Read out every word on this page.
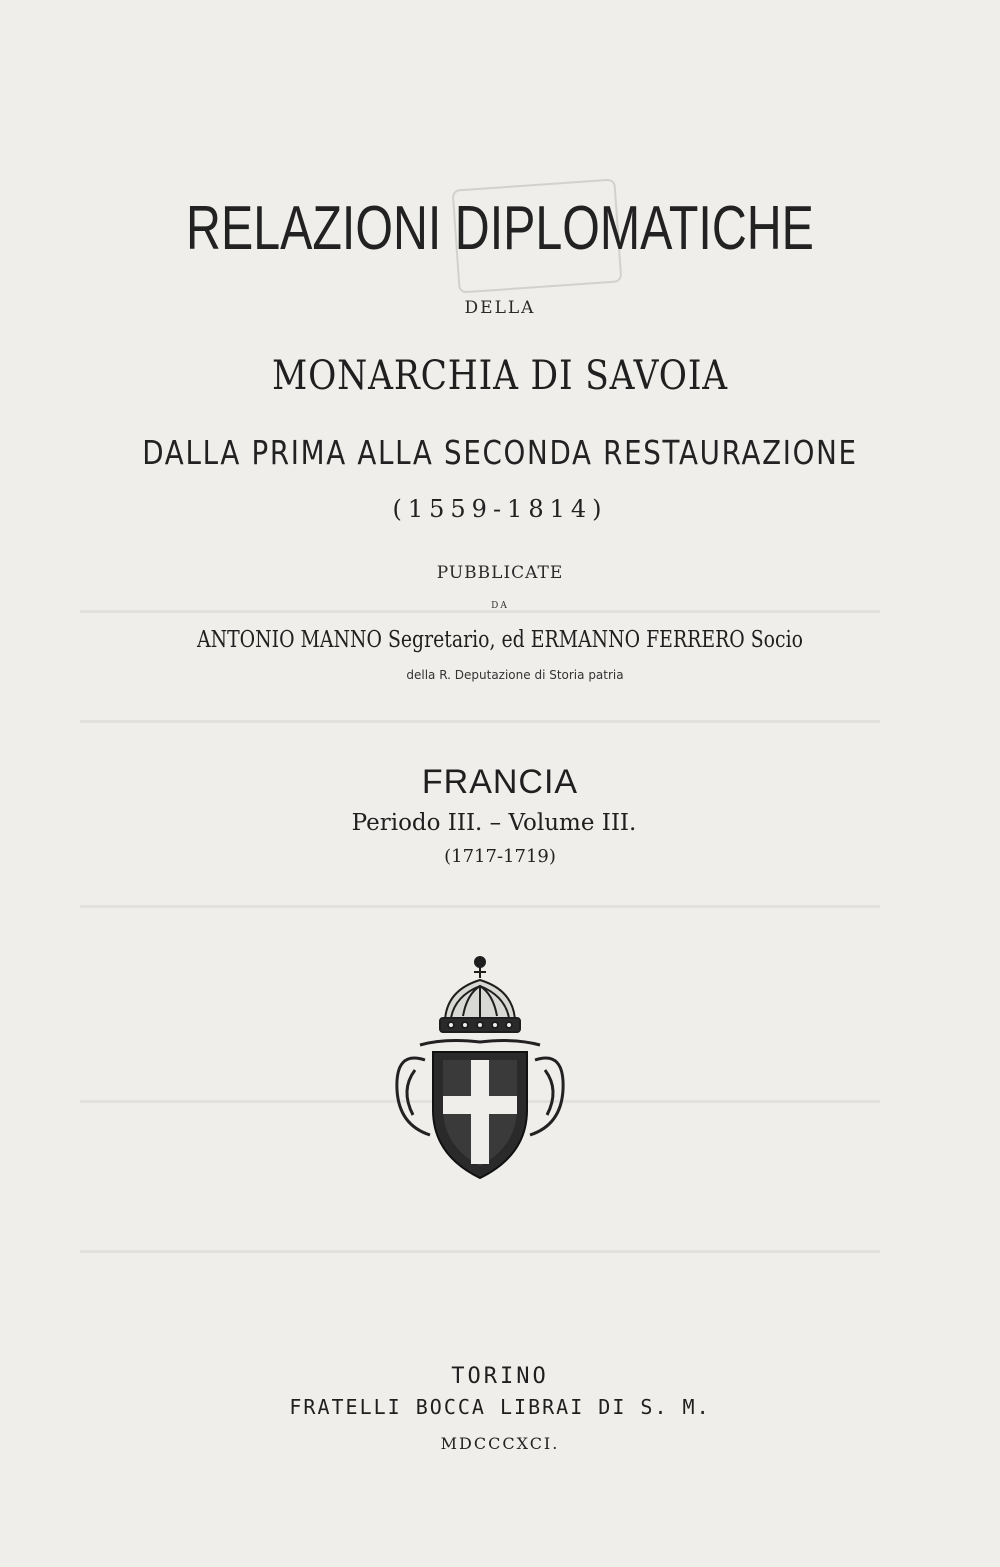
RELAZIONI DIPLOMATICHE
DELLA
MONARCHIA DI SAVOIA
DALLA PRIMA ALLA SECONDA RESTAURAZIONE
(1559-1814)
PUBBLICATE
DA
ANTONIO MANNO Segretario, ed ERMANNO FERRERO Socio
della R. Deputazione di Storia patria
FRANCIA
Periodo III. – Volume III.
(1717-1719)
TORINO
FRATELLI BOCCA LIBRAI DI S. M.
MDCCCXCI.
